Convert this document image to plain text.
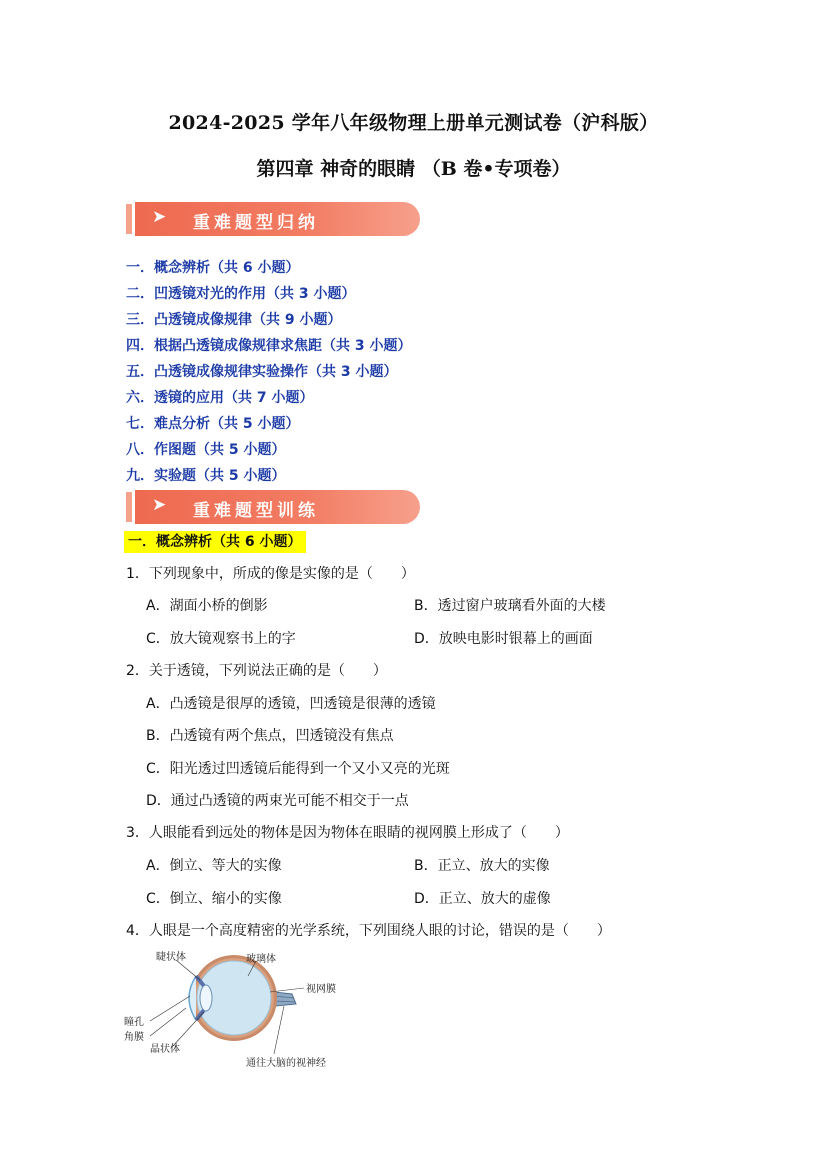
2024-2025 学年八年级物理上册单元测试卷（沪科版）
第四章 神奇的眼睛 （B 卷•专项卷）
➤ 重难题型归纳
一．概念辨析（共 6 小题）
二．凹透镜对光的作用（共 3 小题）
三．凸透镜成像规律（共 9 小题）
四．根据凸透镜成像规律求焦距（共 3 小题）
五．凸透镜成像规律实验操作（共 3 小题）
六．透镜的应用（共 7 小题）
七．难点分析（共 5 小题）
八．作图题（共 5 小题）
九．实验题（共 5 小题）
➤ 重难题型训练
一．概念辨析（共 6 小题）
1．下列现象中，所成的像是实像的是（　　）
A．湖面小桥的倒影	B．透过窗户玻璃看外面的大楼
C．放大镜观察书上的字	D．放映电影时银幕上的画面
2．关于透镜，下列说法正确的是（　　）
A．凸透镜是很厚的透镜，凹透镜是很薄的透镜
B．凸透镜有两个焦点，凹透镜没有焦点
C．阳光透过凹透镜后能得到一个又小又亮的光斑
D．通过凸透镜的两束光可能不相交于一点
3．人眼能看到远处的物体是因为物体在眼睛的视网膜上形成了（　　）
A．倒立、等大的实像	B．正立、放大的实像
C．倒立、缩小的实像	D．正立、放大的虚像
4．人眼是一个高度精密的光学系统，下列围绕人眼的讨论，错误的是（　　）
睫状体	玻璃体
视网膜
瞳孔
角膜
晶状体
通往大脑的视神经
